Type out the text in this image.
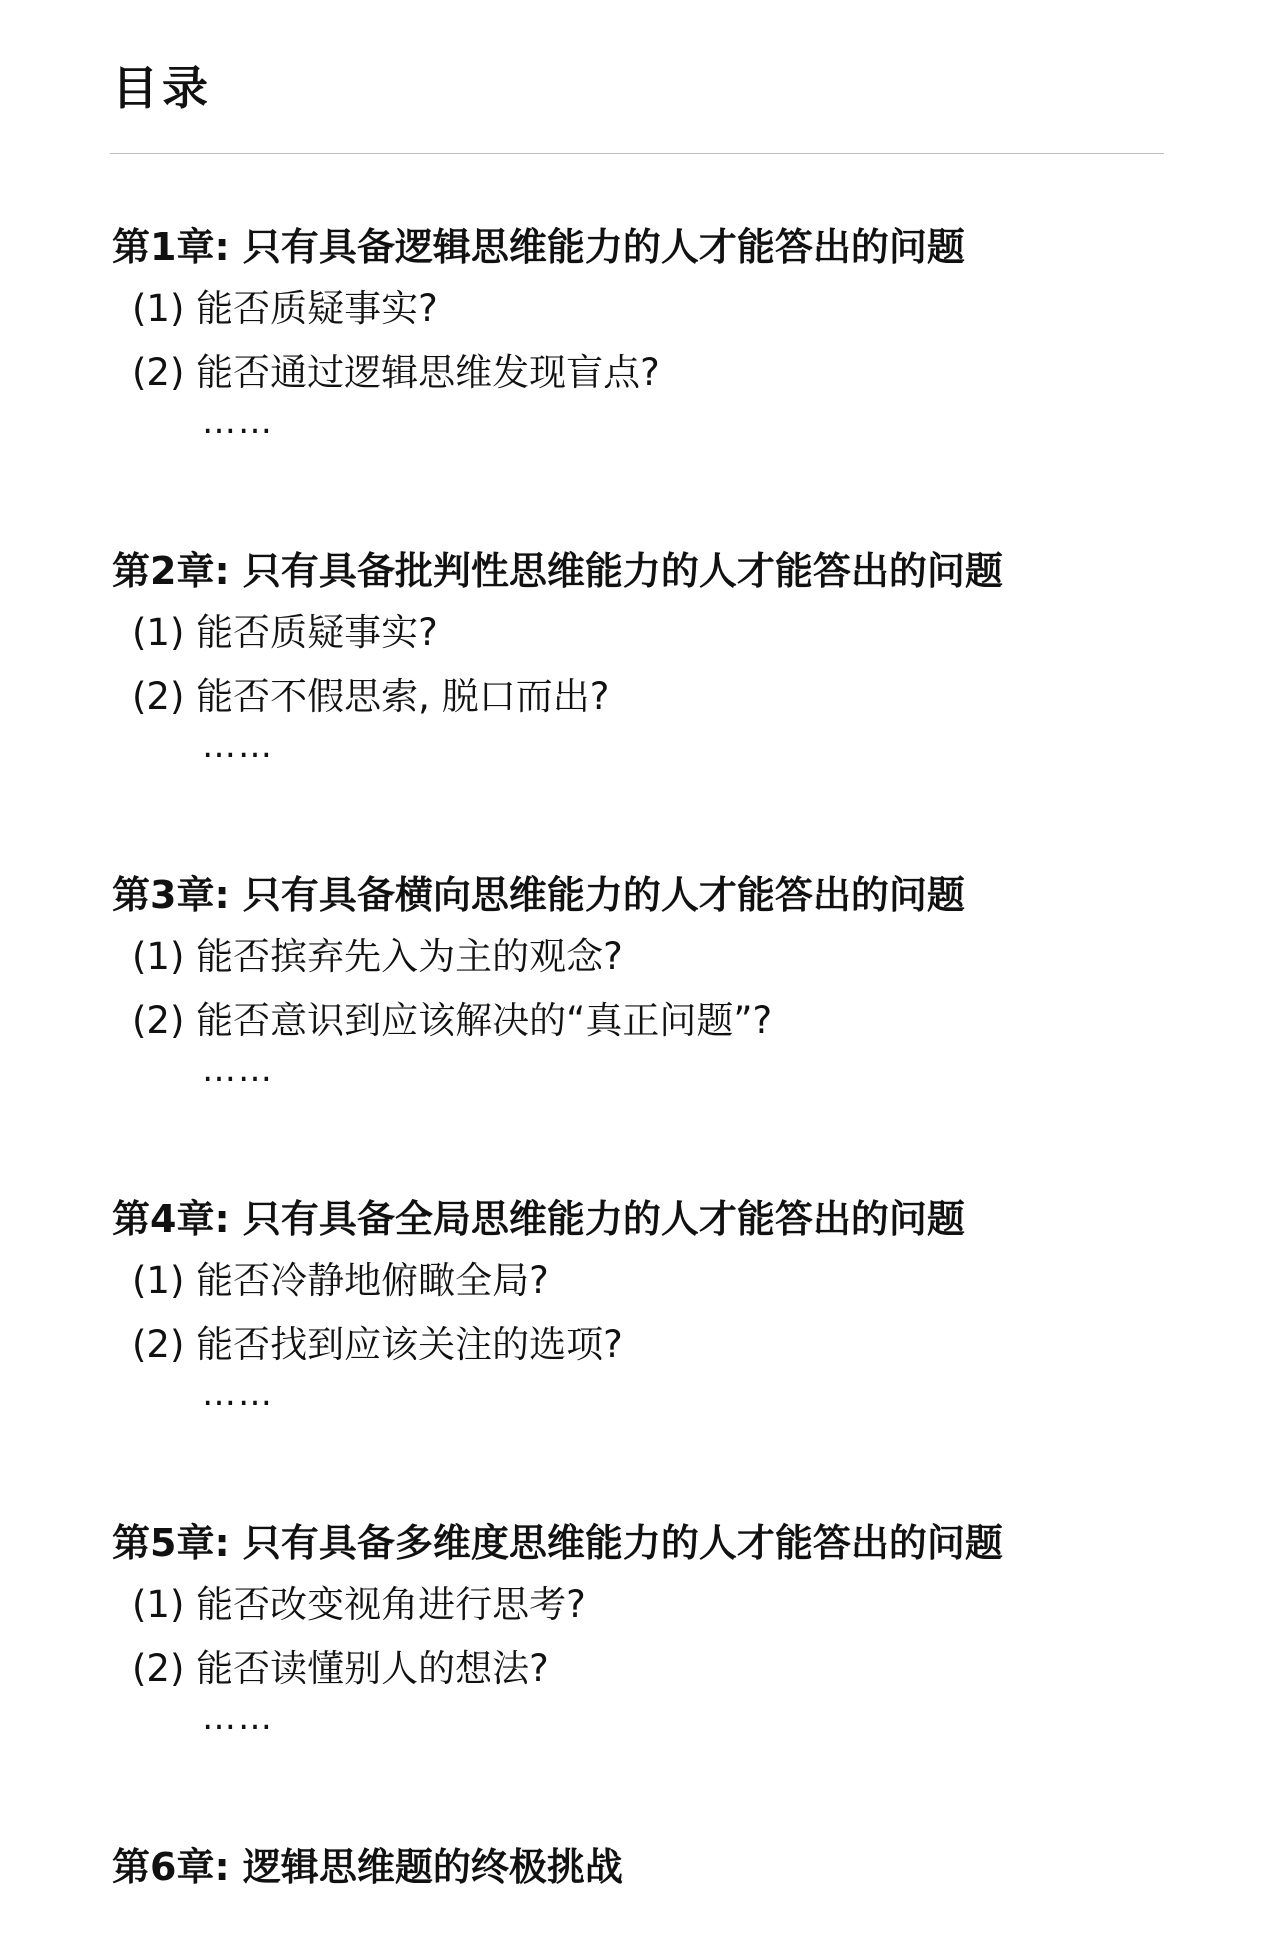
目录
第1章: 只有具备逻辑思维能力的人才能答出的问题
(1) 能否质疑事实?
(2) 能否通过逻辑思维发现盲点?
……
第2章: 只有具备批判性思维能力的人才能答出的问题
(1) 能否质疑事实?
(2) 能否不假思索, 脱口而出?
……
第3章: 只有具备横向思维能力的人才能答出的问题
(1) 能否摈弃先入为主的观念?
(2) 能否意识到应该解决的“真正问题”?
……
第4章: 只有具备全局思维能力的人才能答出的问题
(1) 能否冷静地俯瞰全局?
(2) 能否找到应该关注的选项?
……
第5章: 只有具备多维度思维能力的人才能答出的问题
(1) 能否改变视角进行思考?
(2) 能否读懂别人的想法?
……
第6章: 逻辑思维题的终极挑战
